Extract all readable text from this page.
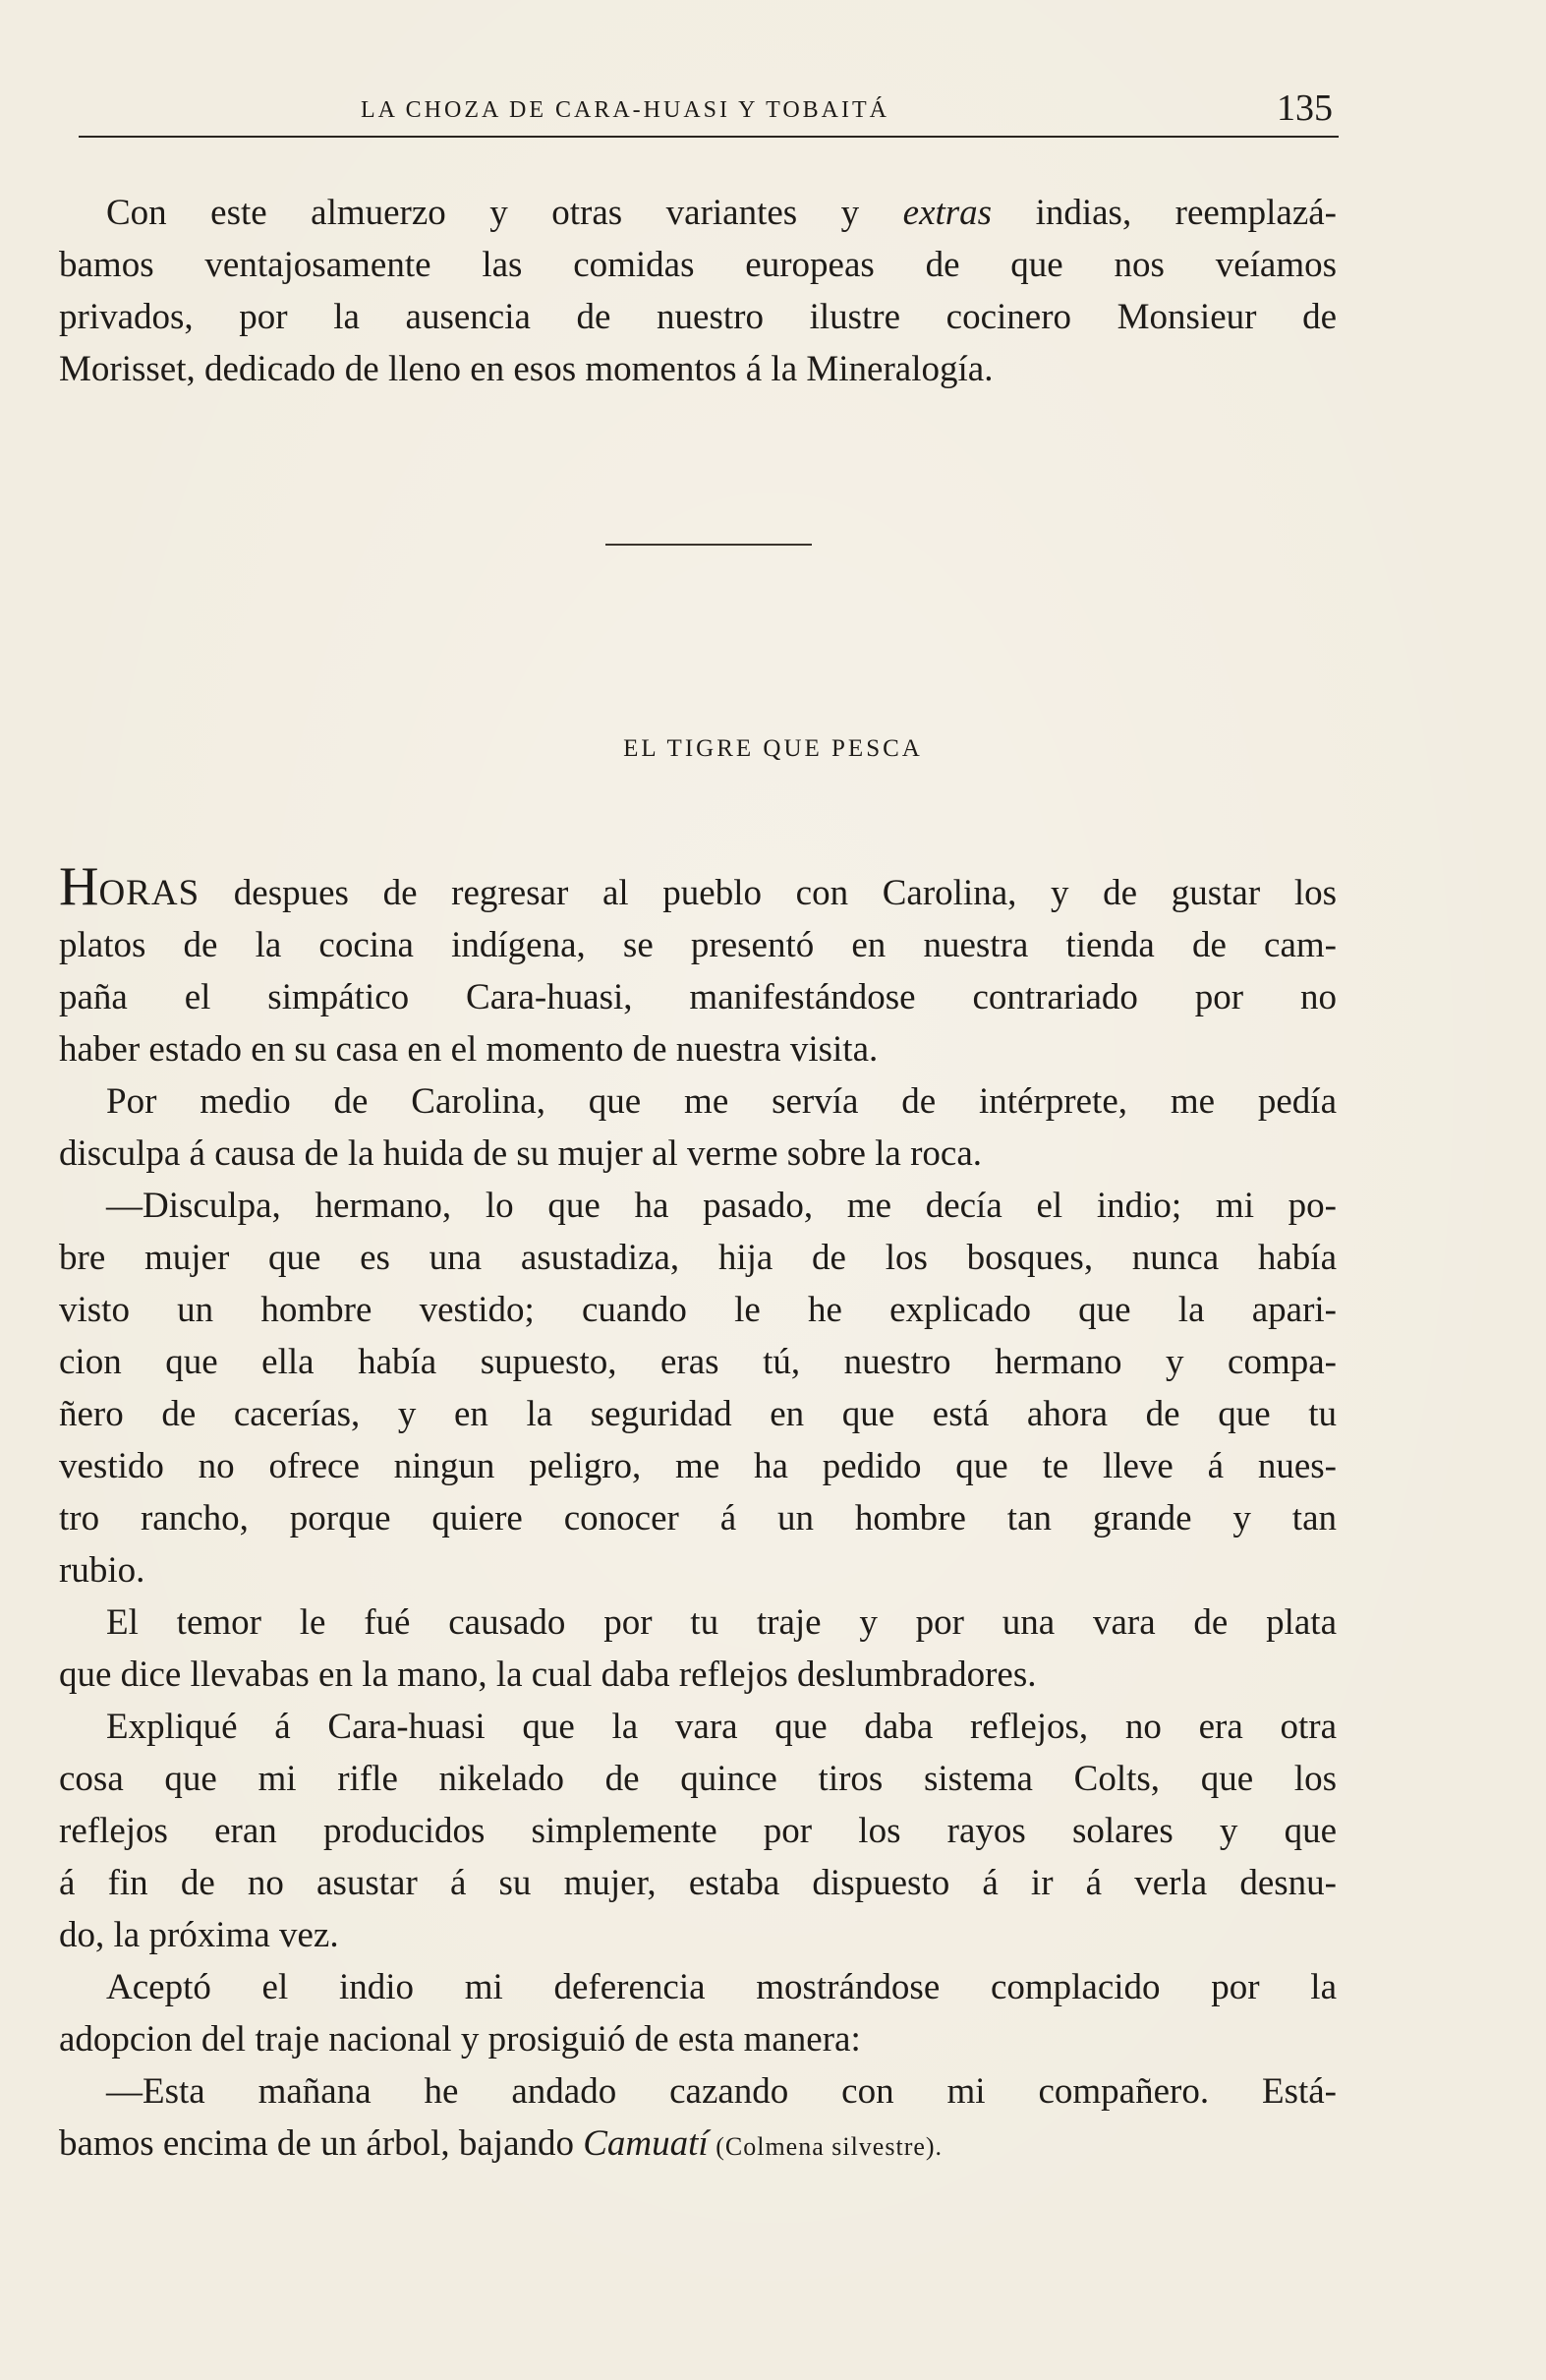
LA CHOZA DE CARA-HUASI Y TOBAITÁ	135
Con este almuerzo y otras variantes y extras indias, reemplazá-
bamos ventajosamente las comidas europeas de que nos veíamos
privados, por la ausencia de nuestro ilustre cocinero Monsieur de
Morisset, dedicado de lleno en esos momentos á la Mineralogía.
EL TIGRE QUE PESCA
HORAS despues de regresar al pueblo con Carolina, y de gustar los
platos de la cocina indígena, se presentó en nuestra tienda de cam-
paña el simpático Cara-huasi, manifestándose contrariado por no
haber estado en su casa en el momento de nuestra visita.
Por medio de Carolina, que me servía de intérprete, me pedía
disculpa á causa de la huida de su mujer al verme sobre la roca.
—Disculpa, hermano, lo que ha pasado, me decía el indio; mi po-
bre mujer que es una asustadiza, hija de los bosques, nunca había
visto un hombre vestido; cuando le he explicado que la apari-
cion que ella había supuesto, eras tú, nuestro hermano y compa-
ñero de cacerías, y en la seguridad en que está ahora de que tu
vestido no ofrece ningun peligro, me ha pedido que te lleve á nues-
tro rancho, porque quiere conocer á un hombre tan grande y tan
rubio.
El temor le fué causado por tu traje y por una vara de plata
que dice llevabas en la mano, la cual daba reflejos deslumbradores.
Expliqué á Cara-huasi que la vara que daba reflejos, no era otra
cosa que mi rifle nikelado de quince tiros sistema Colts, que los
reflejos eran producidos simplemente por los rayos solares y que
á fin de no asustar á su mujer, estaba dispuesto á ir á verla desnu-
do, la próxima vez.
Aceptó el indio mi deferencia mostrándose complacido por la
adopcion del traje nacional y prosiguió de esta manera:
—Esta mañana he andado cazando con mi compañero. Está-
bamos encima de un árbol, bajando Camuatí (Colmena silvestre).
